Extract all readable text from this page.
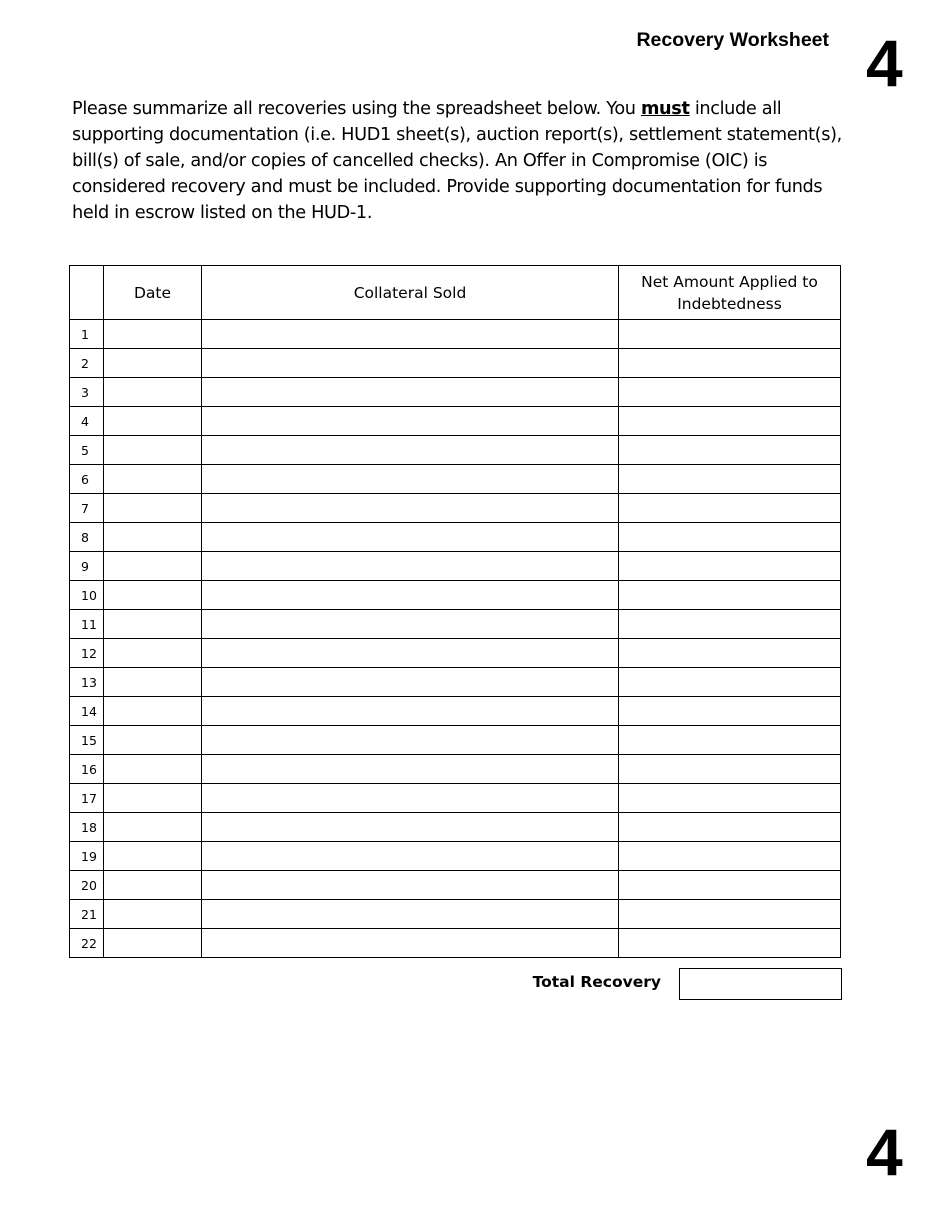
Recovery Worksheet 4
Please summarize all recoveries using the spreadsheet below. You must include all supporting documentation (i.e. HUD1 sheet(s), auction report(s), settlement statement(s), bill(s) of sale, and/or copies of cancelled checks). An Offer in Compromise (OIC) is considered recovery and must be included. Provide supporting documentation for funds held in escrow listed on the HUD-1.
	Date	Collateral Sold	Net Amount Applied to Indebtedness
1			
2			
3			
4			
5			
6			
7			
8			
9			
10			
11			
12			
13			
14			
15			
16			
17			
18			
19			
20			
21			
22			
Total Recovery
4
